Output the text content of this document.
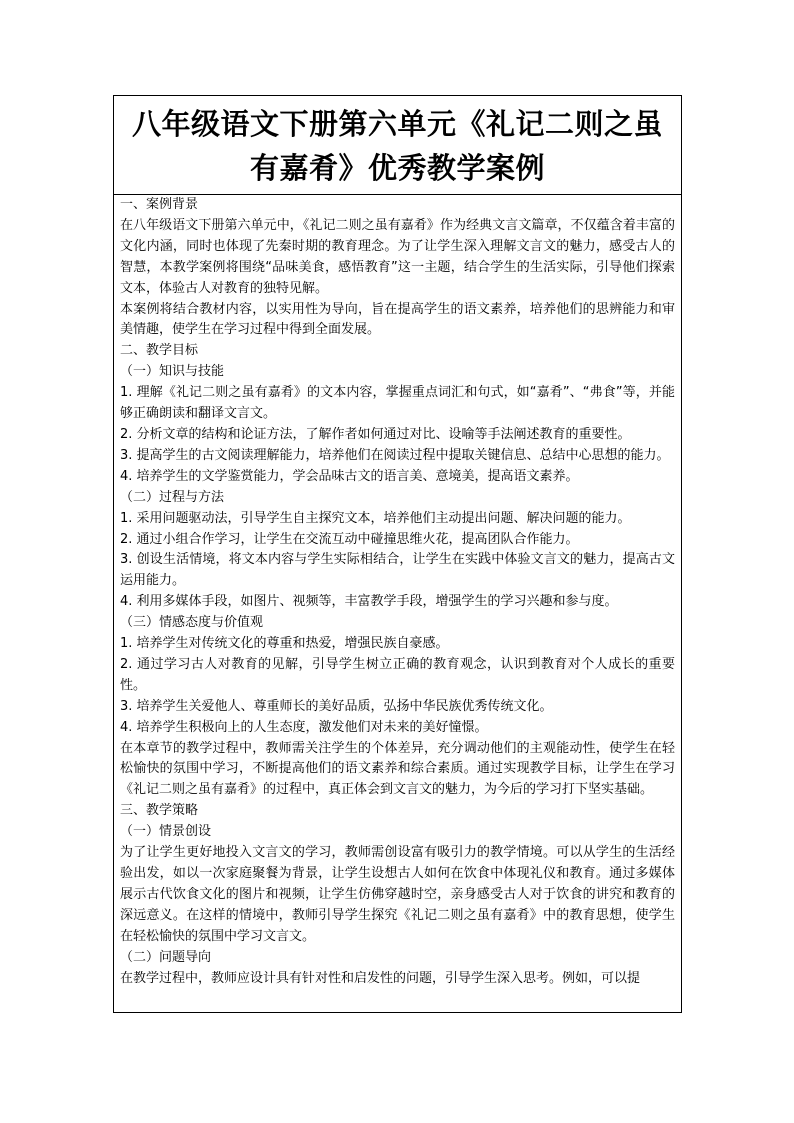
八年级语文下册第六单元《礼记二则之虽有嘉肴》优秀教学案例

一、案例背景

在八年级语文下册第六单元中，《礼记二则之虽有嘉肴》作为经典文言文篇章，不仅蕴含着丰富的文化内涵，同时也体现了先秦时期的教育理念。为了让学生深入理解文言文的魅力，感受古人的智慧，本教学案例将围绕“品味美食，感悟教育”这一主题，结合学生的生活实际，引导他们探索文本，体验古人对教育的独特见解。

本案例将结合教材内容，以实用性为导向，旨在提高学生的语文素养，培养他们的思辨能力和审美情趣，使学生在学习过程中得到全面发展。

二、教学目标

（一）知识与技能

1. 理解《礼记二则之虽有嘉肴》的文本内容，掌握重点词汇和句式，如“嘉肴”、“弗食”等，并能够正确朗读和翻译文言文。

2. 分析文章的结构和论证方法，了解作者如何通过对比、设喻等手法阐述教育的重要性。

3. 提高学生的古文阅读理解能力，培养他们在阅读过程中提取关键信息、总结中心思想的能力。

4. 培养学生的文学鉴赏能力，学会品味古文的语言美、意境美，提高语文素养。

（二）过程与方法

1. 采用问题驱动法，引导学生自主探究文本，培养他们主动提出问题、解决问题的能力。

2. 通过小组合作学习，让学生在交流互动中碰撞思维火花，提高团队合作能力。

3. 创设生活情境，将文本内容与学生实际相结合，让学生在实践中体验文言文的魅力，提高古文运用能力。

4. 利用多媒体手段，如图片、视频等，丰富教学手段，增强学生的学习兴趣和参与度。

（三）情感态度与价值观

1. 培养学生对传统文化的尊重和热爱，增强民族自豪感。

2. 通过学习古人对教育的见解，引导学生树立正确的教育观念，认识到教育对个人成长的重要性。

3. 培养学生关爱他人、尊重师长的美好品质，弘扬中华民族优秀传统文化。

4. 培养学生积极向上的人生态度，激发他们对未来的美好憧憬。

在本章节的教学过程中，教师需关注学生的个体差异，充分调动他们的主观能动性，使学生在轻松愉快的氛围中学习，不断提高他们的语文素养和综合素质。通过实现教学目标，让学生在学习《礼记二则之虽有嘉肴》的过程中，真正体会到文言文的魅力，为今后的学习打下坚实基础。

三、教学策略

（一）情景创设

为了让学生更好地投入文言文的学习，教师需创设富有吸引力的教学情境。可以从学生的生活经验出发，如以一次家庭聚餐为背景，让学生设想古人如何在饮食中体现礼仪和教育。通过多媒体展示古代饮食文化的图片和视频，让学生仿佛穿越时空，亲身感受古人对于饮食的讲究和教育的深远意义。在这样的情境中，教师引导学生探究《礼记二则之虽有嘉肴》中的教育思想，使学生在轻松愉快的氛围中学习文言文。

（二）问题导向

在教学过程中，教师应设计具有针对性和启发性的问题，引导学生深入思考。例如，可以提
